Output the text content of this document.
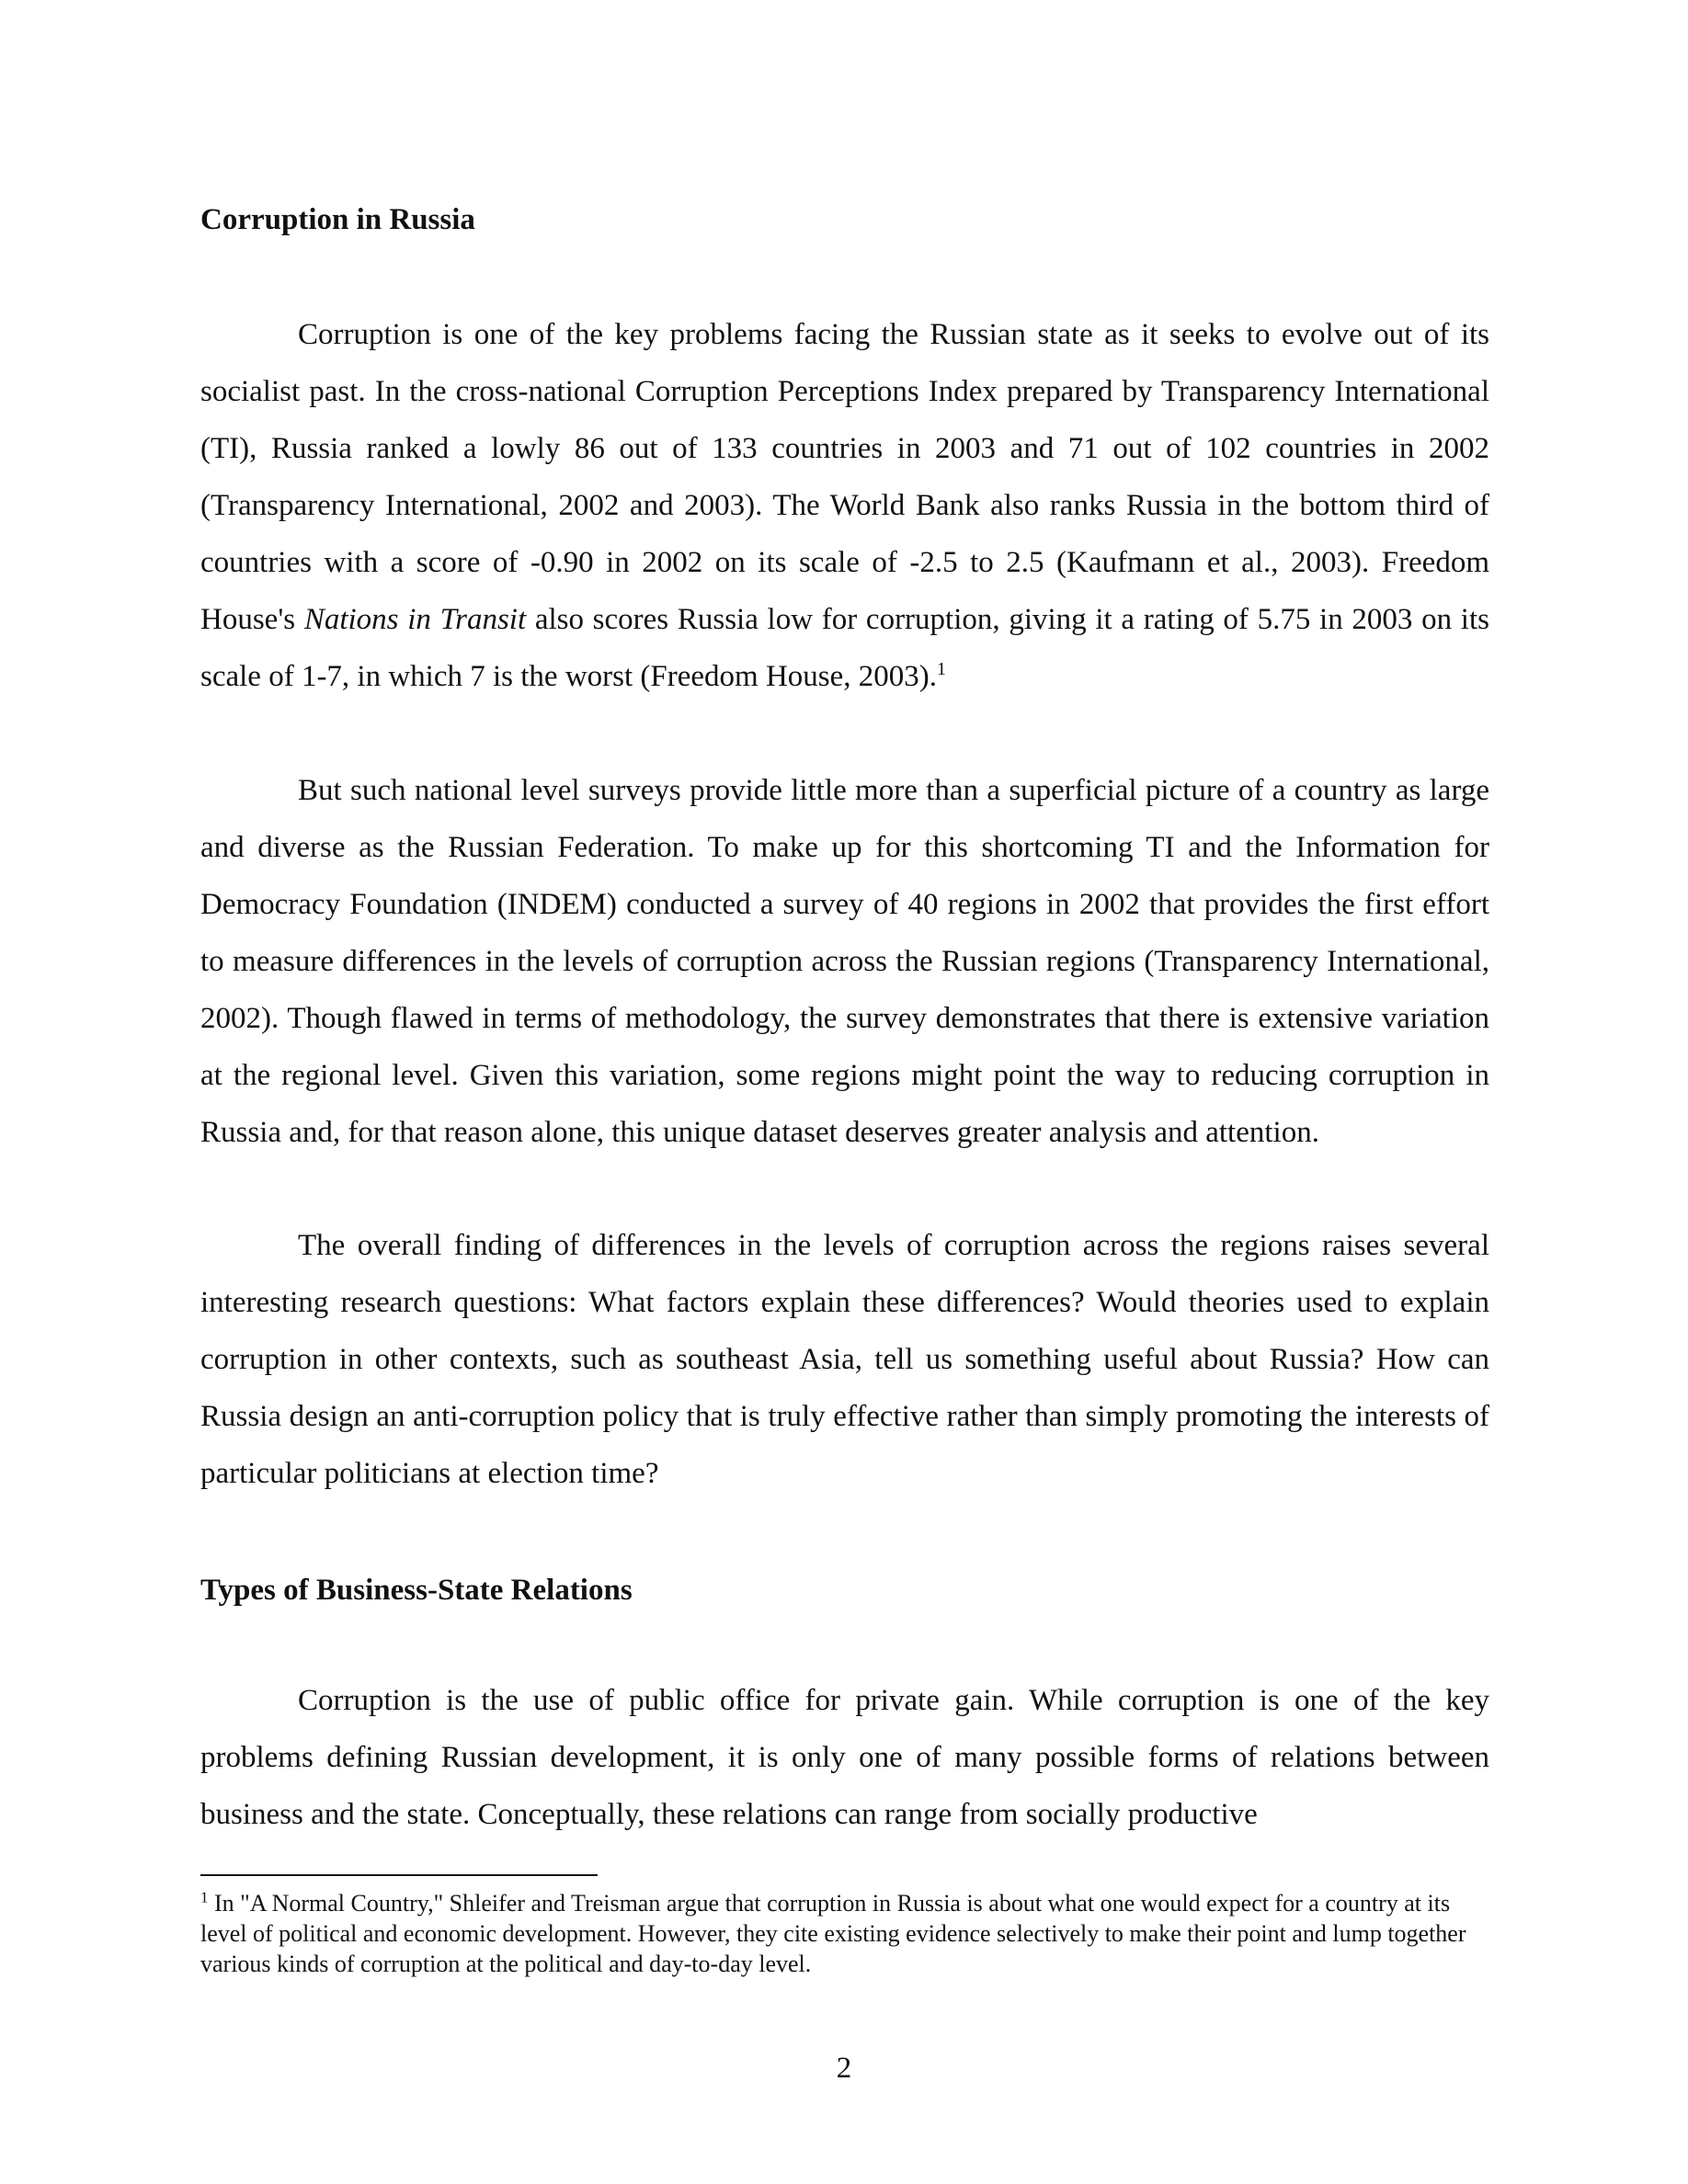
Corruption in Russia

Corruption is one of the key problems facing the Russian state as it seeks to evolve out of its socialist past. In the cross-national Corruption Perceptions Index prepared by Transparency International (TI), Russia ranked a lowly 86 out of 133 countries in 2003 and 71 out of 102 countries in 2002 (Transparency International, 2002 and 2003). The World Bank also ranks Russia in the bottom third of countries with a score of -0.90 in 2002 on its scale of -2.5 to 2.5 (Kaufmann et al., 2003). Freedom House's Nations in Transit also scores Russia low for corruption, giving it a rating of 5.75 in 2003 on its scale of 1-7, in which 7 is the worst (Freedom House, 2003).$^1$

But such national level surveys provide little more than a superficial picture of a country as large and diverse as the Russian Federation. To make up for this shortcoming TI and the Information for Democracy Foundation (INDEM) conducted a survey of 40 regions in 2002 that provides the first effort to measure differences in the levels of corruption across the Russian regions (Transparency International, 2002). Though flawed in terms of methodology, the survey demonstrates that there is extensive variation at the regional level. Given this variation, some regions might point the way to reducing corruption in Russia and, for that reason alone, this unique dataset deserves greater analysis and attention.

The overall finding of differences in the levels of corruption across the regions raises several interesting research questions: What factors explain these differences? Would theories used to explain corruption in other contexts, such as southeast Asia, tell us something useful about Russia? How can Russia design an anti-corruption policy that is truly effective rather than simply promoting the interests of particular politicians at election time?

Types of Business-State Relations

Corruption is the use of public office for private gain. While corruption is one of the key problems defining Russian development, it is only one of many possible forms of relations between business and the state. Conceptually, these relations can range from socially productive

$^1$ In "A Normal Country," Shleifer and Treisman argue that corruption in Russia is about what one would expect for a country at its level of political and economic development. However, they cite existing evidence selectively to make their point and lump together various kinds of corruption at the political and day-to-day level.

2
